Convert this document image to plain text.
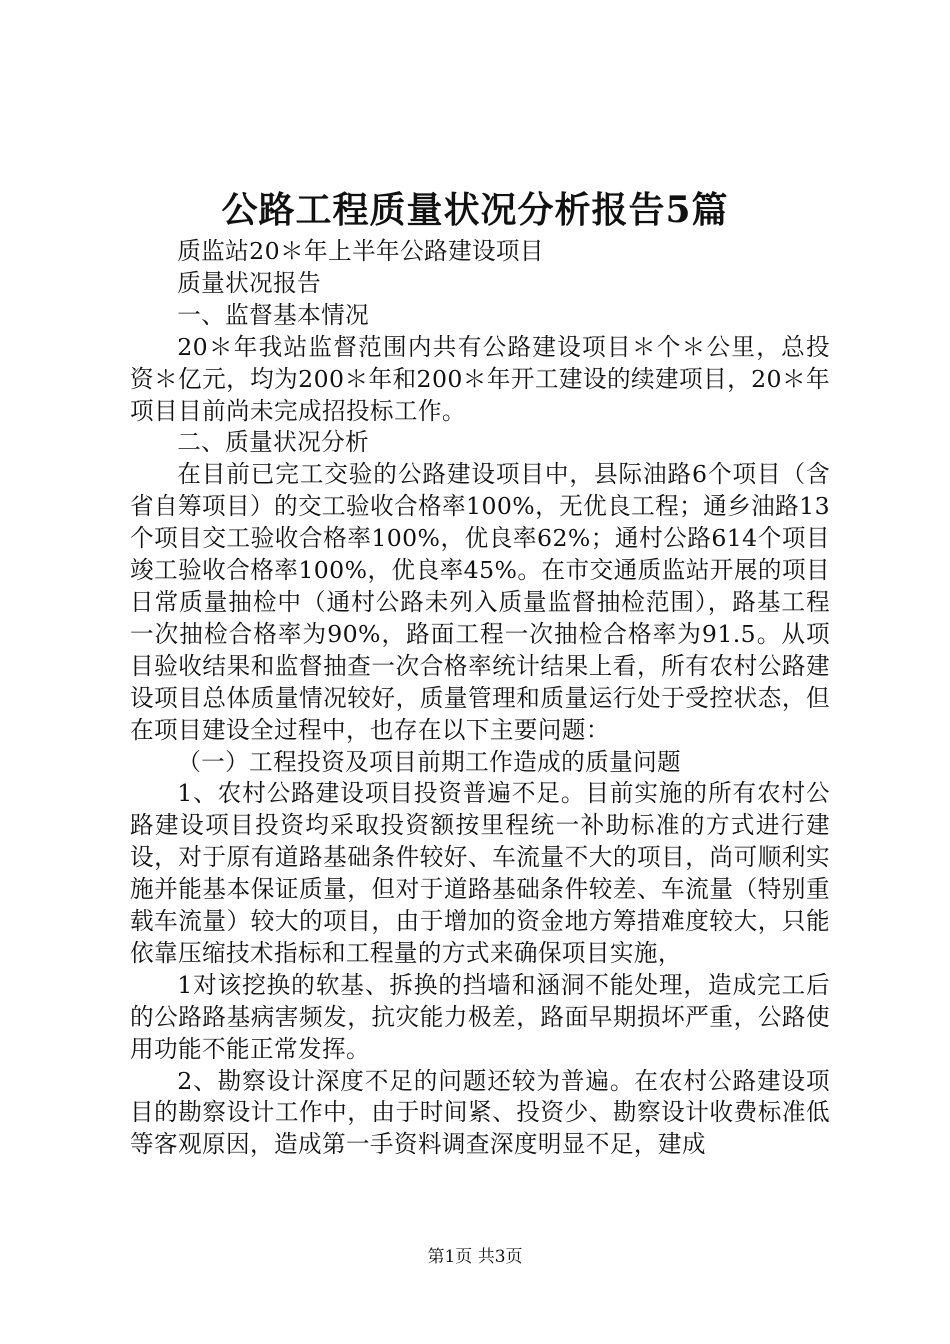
公路工程质量状况分析报告5篇

质监站20＊年上半年公路建设项目

质量状况报告

一、监督基本情况

20＊年我站监督范围内共有公路建设项目＊个＊公里，总投资＊亿元，均为200＊年和200＊年开工建设的续建项目，20＊年项目目前尚未完成招投标工作。

二、质量状况分析

在目前已完工交验的公路建设项目中，县际油路6个项目（含省自筹项目）的交工验收合格率100%，无优良工程；通乡油路13个项目交工验收合格率100%，优良率62%；通村公路614个项目竣工验收合格率100%，优良率45%。在市交通质监站开展的项目日常质量抽检中（通村公路未列入质量监督抽检范围），路基工程一次抽检合格率为90%，路面工程一次抽检合格率为91.5。从项目验收结果和监督抽查一次合格率统计结果上看，所有农村公路建设项目总体质量情况较好，质量管理和质量运行处于受控状态，但在项目建设全过程中，也存在以下主要问题：

（一）工程投资及项目前期工作造成的质量问题

1、农村公路建设项目投资普遍不足。目前实施的所有农村公路建设项目投资均采取投资额按里程统一补助标准的方式进行建设，对于原有道路基础条件较好、车流量不大的项目，尚可顺利实施并能基本保证质量，但对于道路基础条件较差、车流量（特别重载车流量）较大的项目，由于增加的资金地方筹措难度较大，只能依靠压缩技术指标和工程量的方式来确保项目实施，

1对该挖换的软基、拆换的挡墙和涵洞不能处理，造成完工后的公路路基病害频发，抗灾能力极差，路面早期损坏严重，公路使用功能不能正常发挥。

2、勘察设计深度不足的问题还较为普遍。在农村公路建设项目的勘察设计工作中，由于时间紧、投资少、勘察设计收费标准低等客观原因，造成第一手资料调查深度明显不足，建成

第1页 共3页
